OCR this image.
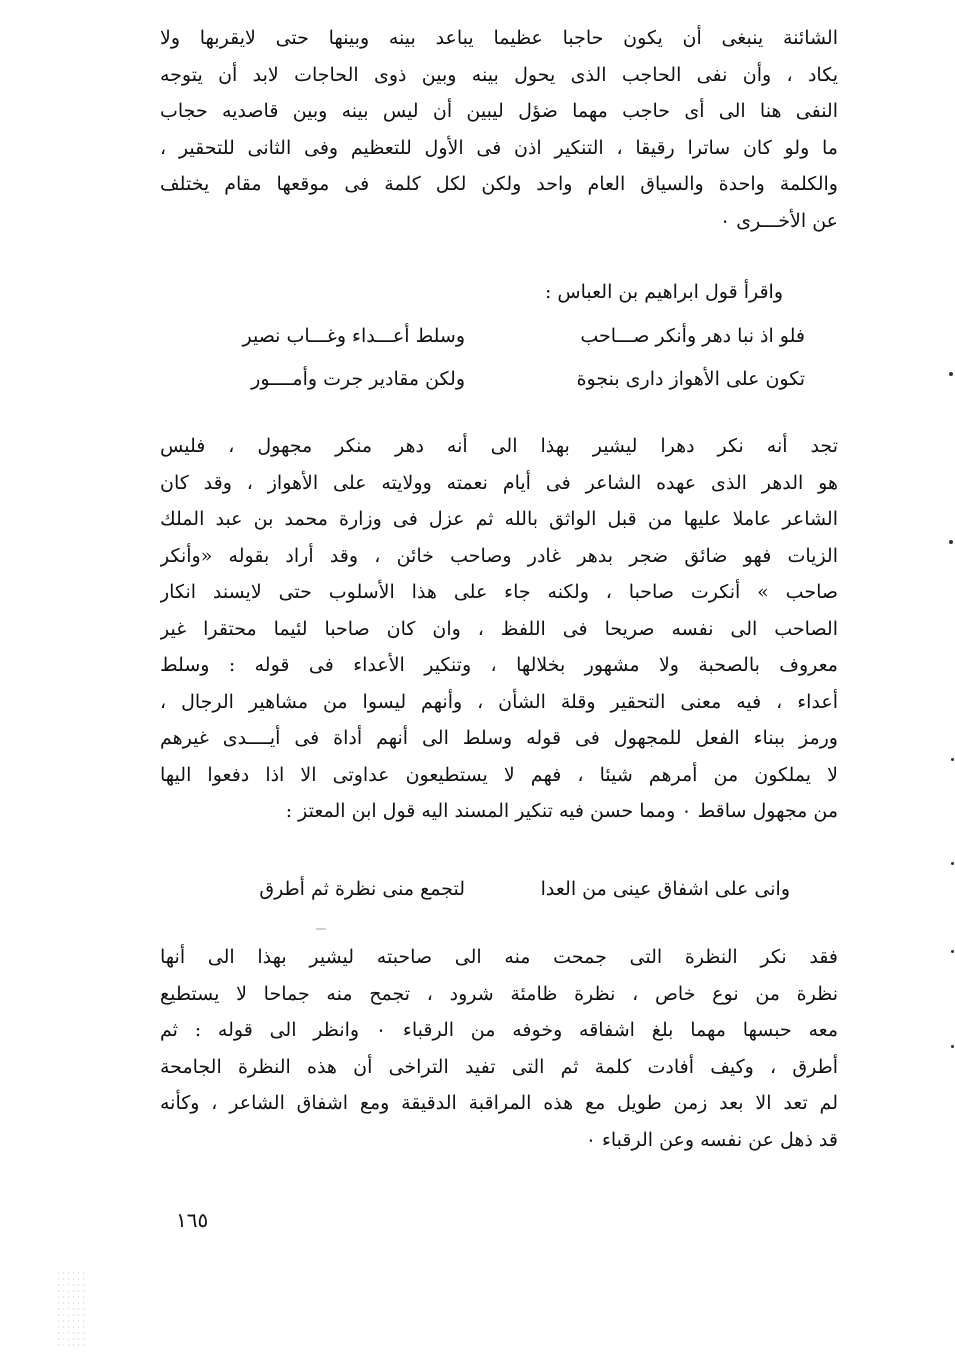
الشائنة ينبغى أن يكون حاجبا عظيما يباعد بينه وبينها حتى لايقربها ولا
يكاد ، وأن نفى الحاجب الذى يحول بينه وبين ذوى الحاجات لابد أن يتوجه
النفى هنا الى أى حاجب مهما ضؤل ليبين أن ليس بينه وبين قاصديه حجاب
ما ولو كان ساترا رقيقا ، التنكير اذن فى الأول للتعظيم وفى الثانى للتحقير ،
والكلمة واحدة والسياق العام واحد ولكن لكل كلمة فى موقعها مقام يختلف
عن الأخـــرى ٠
واقرأ قول ابراهيم بن العباس :
فلو اذ نبا دهر وأنكر صـــاحب
وسلط أعـــداء وغـــاب نصير
تكون على الأهواز دارى بنجوة
ولكن مقادير جرت وأمــــور
تجد أنه نكر دهرا ليشير بهذا الى أنه دهر منكر مجهول ، فليس
هو الدهر الذى عهده الشاعر فى أيام نعمته وولايته على الأهواز ، وقد كان
الشاعر عاملا عليها من قبل الواثق بالله ثم عزل فى وزارة محمد بن عبد الملك
الزيات فهو ضائق ضجر بدهر غادر وصاحب خائن ، وقد أراد بقوله «وأنكر
صاحب » أنكرت صاحبا ، ولكنه جاء على هذا الأسلوب حتى لايسند انكار
الصاحب الى نفسه صريحا فى اللفظ ، وان كان صاحبا لئيما محتقرا غير
معروف بالصحبة ولا مشهور بخلالها ، وتنكير الأعداء فى قوله : وسلط
أعداء ، فيه معنى التحقير وقلة الشأن ، وأنهم ليسوا من مشاهير الرجال ،
ورمز ببناء الفعل للمجهول فى قوله وسلط الى أنهم أداة فى أيــــدى غيرهم
لا يملكون من أمرهم شيئا ، فهم لا يستطيعون عداوتى الا اذا دفعوا اليها
من مجهول ساقط ٠ ومما حسن فيه تنكير المسند اليه قول ابن المعتز :
وانى على اشفاق عينى من العدا
لتجمع منى نظرة ثم أطرق
فقد نكر النظرة التى جمحت منه الى صاحبته ليشير بهذا الى أنها
نظرة من نوع خاص ، نظرة ظامئة شرود ، تجمح منه جماحا لا يستطيع
معه حبسها مهما بلغ اشفاقه وخوفه من الرقباء ٠ وانظر الى قوله : ثم
أطرق ، وكيف أفادت كلمة ثم التى تفيد التراخى أن هذه النظرة الجامحة
لم تعد الا بعد زمن طويل مع هذه المراقبة الدقيقة ومع اشفاق الشاعر ، وكأنه
قد ذهل عن نفسه وعن الرقباء ٠
١٦٥
